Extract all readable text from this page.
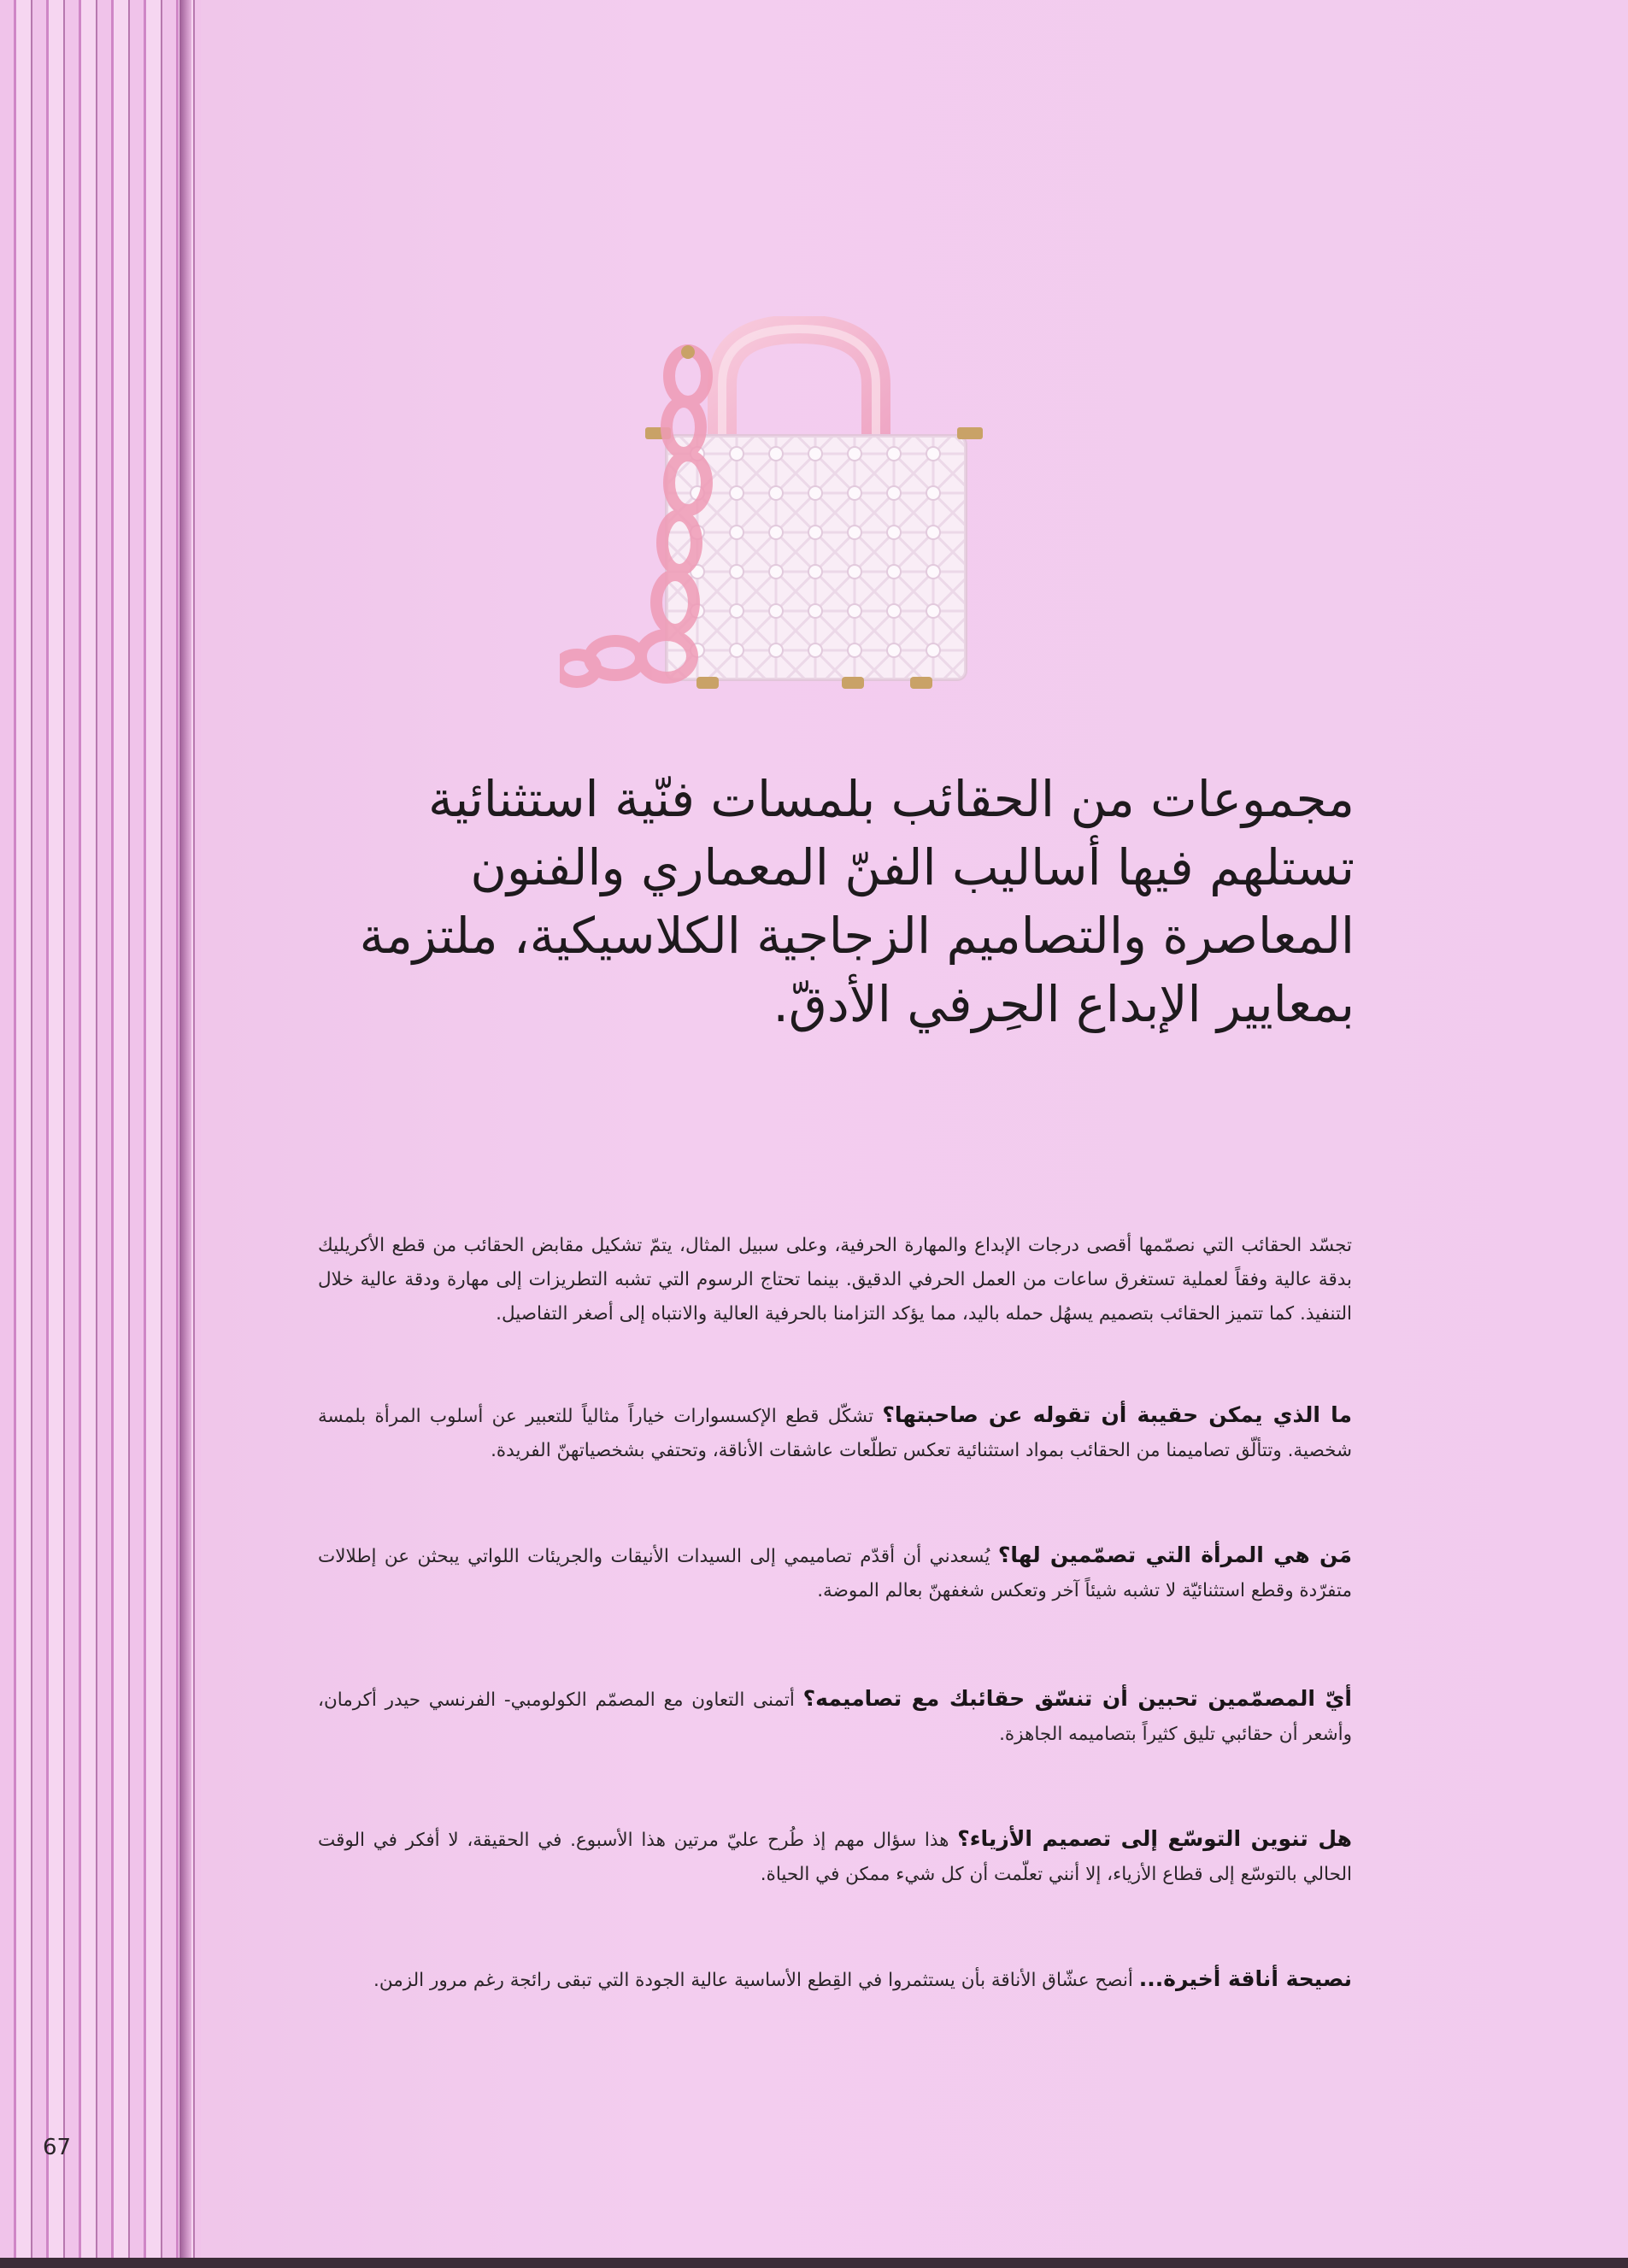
مجموعات من الحقائب بلمسات فنّية استثنائية تستلهم فيها أساليب الفنّ المعماري والفنون المعاصرة والتصاميم الزجاجية الكلاسيكية، ملتزمة بمعايير الإبداع الحِرفي الأدقّ.

تجسّد الحقائب التي نصمّمها أقصى درجات الإبداع والمهارة الحرفية، وعلى سبيل المثال، يتمّ تشكيل مقابض الحقائب من قطع الأكريليك بدقة عالية وفقاً لعملية تستغرق ساعات من العمل الحرفي الدقيق. بينما تحتاج الرسوم التي تشبه التطريزات إلى مهارة ودقة عالية خلال التنفيذ. كما تتميز الحقائب بتصميم يسهُل حمله باليد، مما يؤكد التزامنا بالحرفية العالية والانتباه إلى أصغر التفاصيل.

ما الذي يمكن حقيبة أن تقوله عن صاحبتها؟ تشكّل قطع الإكسسوارات خياراً مثالياً للتعبير عن أسلوب المرأة بلمسة شخصية. وتتألّق تصاميمنا من الحقائب بمواد استثنائية تعكس تطلّعات عاشقات الأناقة، وتحتفي بشخصياتهنّ الفريدة.

مَن هي المرأة التي تصمّمين لها؟ يُسعدني أن أقدّم تصاميمي إلى السيدات الأنيقات والجريئات اللواتي يبحثن عن إطلالات متفرّدة وقطع استثنائيّة لا تشبه شيئاً آخر وتعكس شغفهنّ بعالم الموضة.

أيّ المصمّمين تحبين أن تنسّق حقائبك مع تصاميمه؟ أتمنى التعاون مع المصمّم الكولومبي- الفرنسي حيدر أكرمان، وأشعر أن حقائبي تليق كثيراً بتصاميمه الجاهزة.

هل تنوين التوسّع إلى تصميم الأزياء؟ هذا سؤال مهم إذ طُرح عليّ مرتين هذا الأسبوع. في الحقيقة، لا أفكر في الوقت الحالي بالتوسّع إلى قطاع الأزياء، إلا أنني تعلّمت أن كل شيء ممكن في الحياة.

نصيحة أناقة أخيرة... أنصح عشّاق الأناقة بأن يستثمروا في القِطع الأساسية عالية الجودة التي تبقى رائجة رغم مرور الزمن.

67
